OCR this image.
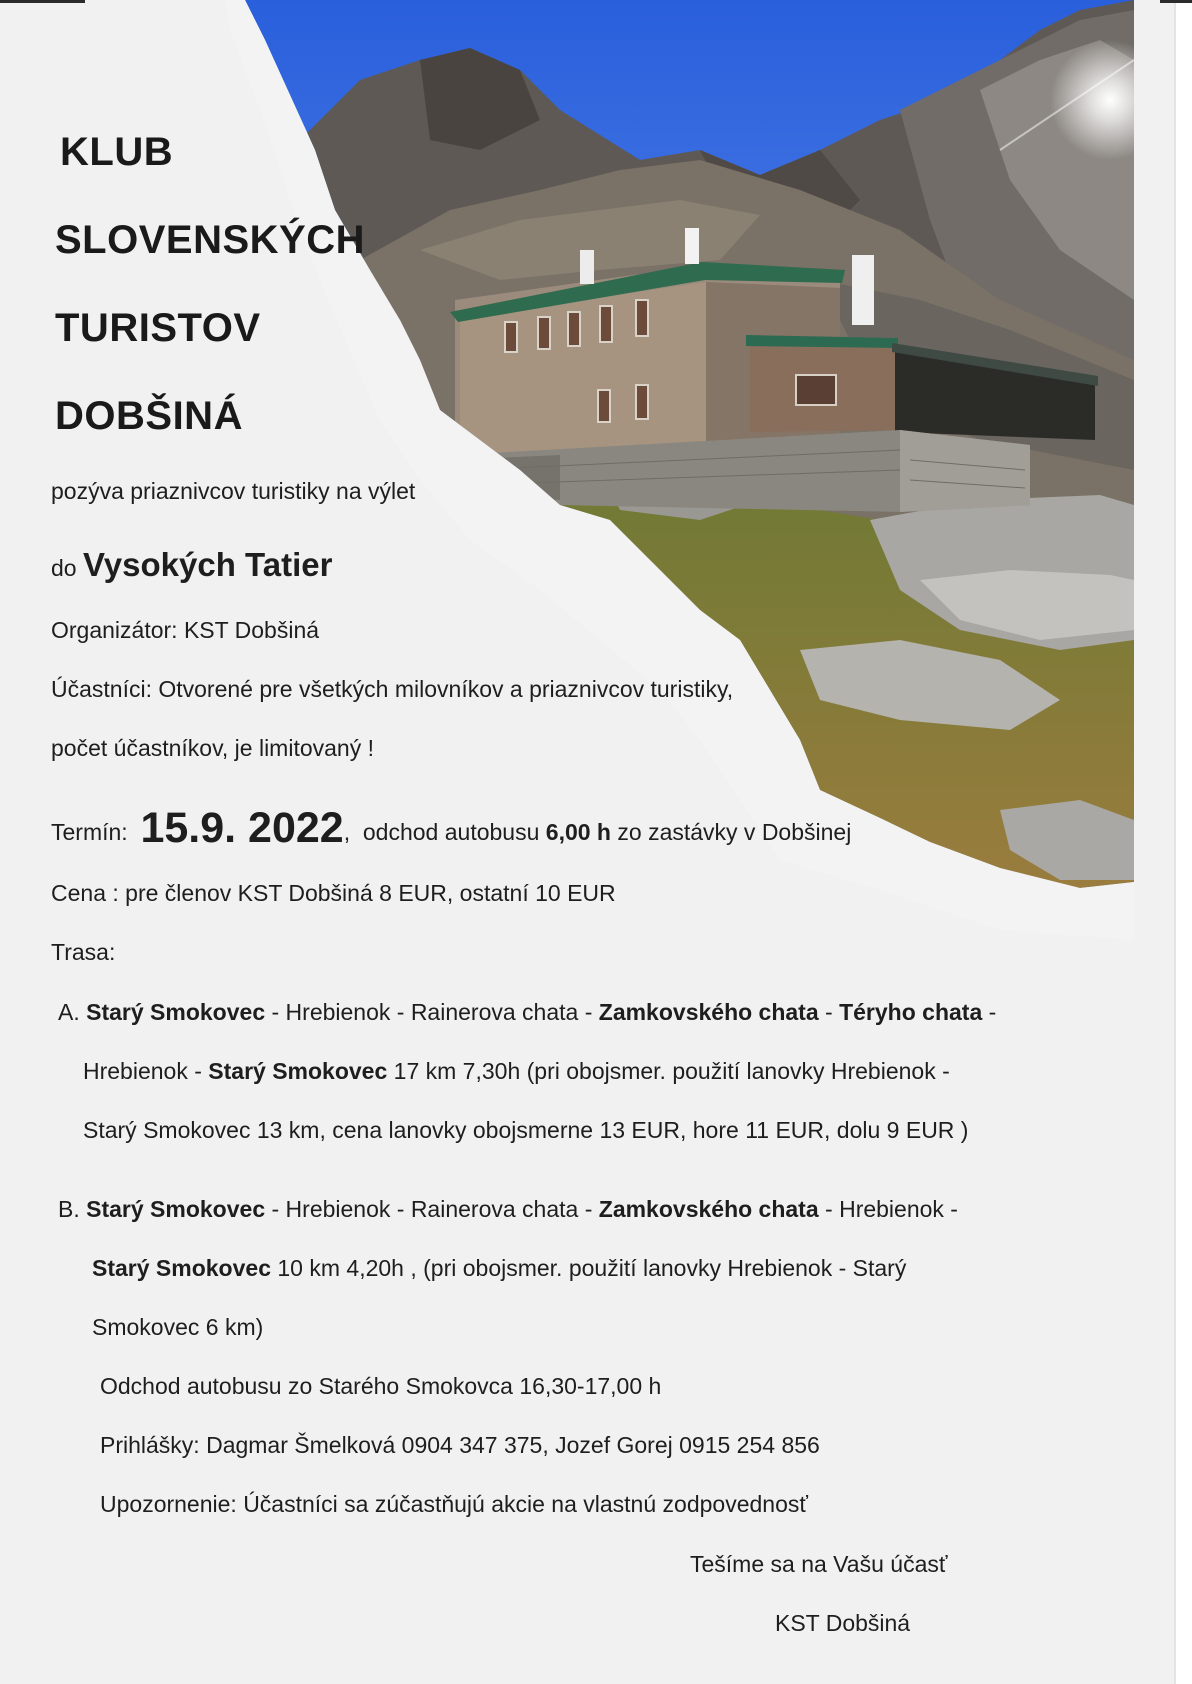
KLUB
SLOVENSKÝCH
TURISTOV
DOBŠINÁ
pozýva priaznivcov turistiky na výlet
do Vysokých Tatier
Organizátor: KST Dobšiná
Účastníci: Otvorené pre všetkých milovníkov a priaznivcov turistiky,
počet účastníkov, je limitovaný !
Termín: 15.9. 2022, odchod autobusu 6,00 h zo zastávky v Dobšinej
Cena : pre členov KST Dobšiná 8 EUR, ostatní 10 EUR
Trasa:
A. Starý Smokovec - Hrebienok - Rainerova chata - Zamkovského chata - Téryho chata -
Hrebienok - Starý Smokovec 17 km 7,30h (pri obojsmer. použití lanovky Hrebienok -
Starý Smokovec 13 km, cena lanovky obojsmerne 13 EUR, hore 11 EUR, dolu 9 EUR )
B. Starý Smokovec - Hrebienok - Rainerova chata - Zamkovského chata - Hrebienok -
Starý Smokovec 10 km 4,20h , (pri obojsmer. použití lanovky Hrebienok - Starý
Smokovec 6 km)
Odchod autobusu zo Starého Smokovca 16,30-17,00 h
Prihlášky: Dagmar Šmelková 0904 347 375, Jozef Gorej 0915 254 856
Upozornenie: Účastníci sa zúčastňujú akcie na vlastnú zodpovednosť
Tešíme sa na Vašu účasť
KST Dobšiná
